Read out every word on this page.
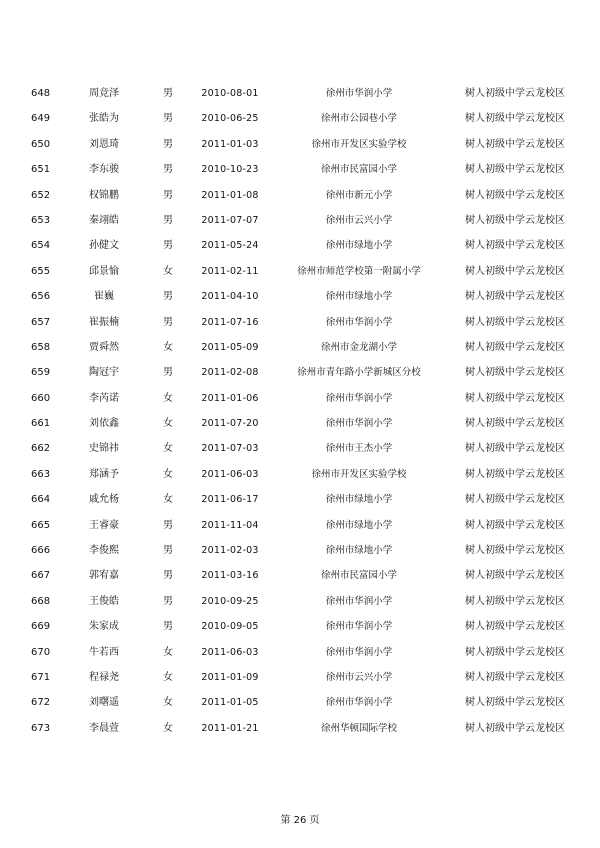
648	周竞泽	男	2010-08-01	徐州市华润小学	树人初级中学云龙校区
649	张皓为	男	2010-06-25	徐州市公园巷小学	树人初级中学云龙校区
650	刘恩琦	男	2011-01-03	徐州市开发区实验学校	树人初级中学云龙校区
651	李东骏	男	2010-10-23	徐州市民富园小学	树人初级中学云龙校区
652	权锦鹏	男	2011-01-08	徐州市新元小学	树人初级中学云龙校区
653	秦翊皓	男	2011-07-07	徐州市云兴小学	树人初级中学云龙校区
654	孙健文	男	2011-05-24	徐州市绿地小学	树人初级中学云龙校区
655	邱景愉	女	2011-02-11	徐州市师范学校第一附属小学	树人初级中学云龙校区
656	崔巍	男	2011-04-10	徐州市绿地小学	树人初级中学云龙校区
657	崔振楠	男	2011-07-16	徐州市华润小学	树人初级中学云龙校区
658	贾舜然	女	2011-05-09	徐州市金龙湖小学	树人初级中学云龙校区
659	陶冠宇	男	2011-02-08	徐州市青年路小学新城区分校	树人初级中学云龙校区
660	李芮诺	女	2011-01-06	徐州市华润小学	树人初级中学云龙校区
661	刘依鑫	女	2011-07-20	徐州市华润小学	树人初级中学云龙校区
662	史锦祎	女	2011-07-03	徐州市王杰小学	树人初级中学云龙校区
663	郑涵予	女	2011-06-03	徐州市开发区实验学校	树人初级中学云龙校区
664	戚允杨	女	2011-06-17	徐州市绿地小学	树人初级中学云龙校区
665	王睿豪	男	2011-11-04	徐州市绿地小学	树人初级中学云龙校区
666	李俊熙	男	2011-02-03	徐州市绿地小学	树人初级中学云龙校区
667	郭宥嘉	男	2011-03-16	徐州市民富园小学	树人初级中学云龙校区
668	王俊皓	男	2010-09-25	徐州市华润小学	树人初级中学云龙校区
669	朱家成	男	2010-09-05	徐州市华润小学	树人初级中学云龙校区
670	牛若西	女	2011-06-03	徐州市华润小学	树人初级中学云龙校区
671	程禄尧	女	2011-01-09	徐州市云兴小学	树人初级中学云龙校区
672	刘曙遥	女	2011-01-05	徐州市华润小学	树人初级中学云龙校区
673	李晨萱	女	2011-01-21	徐州华顿国际学校	树人初级中学云龙校区
第 26 页
